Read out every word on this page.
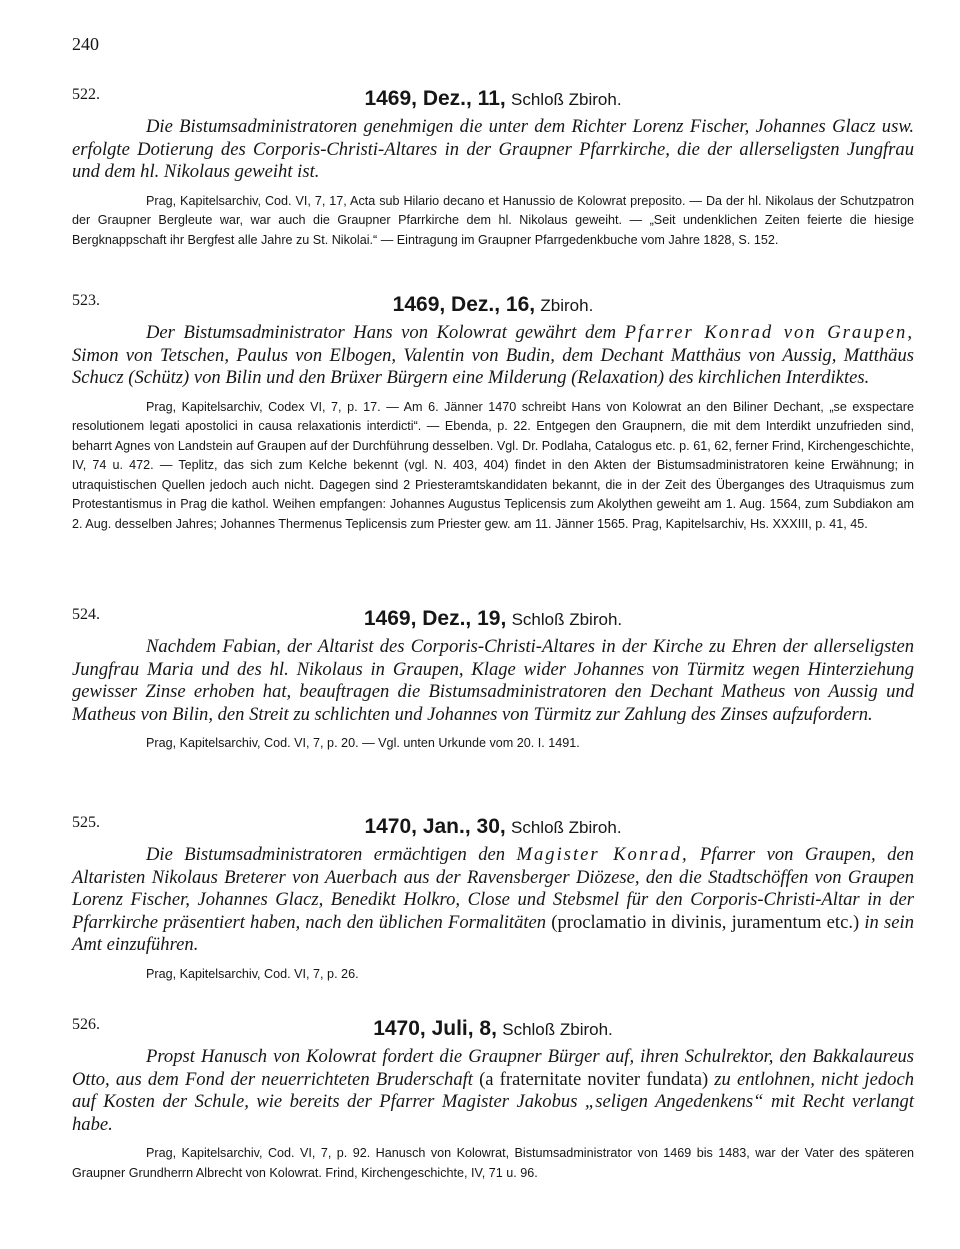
240
522.	1469, Dez., 11, Schloß Zbiroh.

Die Bistumsadministratoren genehmigen die unter dem Richter Lorenz Fischer, Johannes Glacz usw. erfolgte Dotierung des Corporis-Christi-Altares in der Graupner Pfarrkirche, die der allerseligsten Jungfrau und dem hl. Nikolaus geweiht ist.

Prag, Kapitelsarchiv, Cod. VI, 7, 17, Acta sub Hilario decano et Hanussio de Kolowrat preposito. — Da der hl. Nikolaus der Schutzpatron der Graupner Bergleute war, war auch die Graupner Pfarrkirche dem hl. Nikolaus geweiht. — „Seit undenklichen Zeiten feierte die hiesige Bergknappschaft ihr Bergfest alle Jahre zu St. Nikolai.“ — Eintragung im Graupner Pfarrgedenkbuche vom Jahre 1828, S. 152.

523.	1469, Dez., 16, Zbiroh.

Der Bistumsadministrator Hans von Kolowrat gewährt dem Pfarrer Konrad von Graupen, Simon von Tetschen, Paulus von Elbogen, Valentin von Budin, dem Dechant Matthäus von Aussig, Matthäus Schucz (Schütz) von Bilin und den Brüxer Bürgern eine Milderung (Relaxation) des kirchlichen Interdiktes.

Prag, Kapitelsarchiv, Codex VI, 7, p. 17. — Am 6. Jänner 1470 schreibt Hans von Kolowrat an den Biliner Dechant, „se exspectare resolutionem legati apostolici in causa relaxationis interdicti“. — Ebenda, p. 22. Entgegen den Graupnern, die mit dem Interdikt unzufrieden sind, beharrt Agnes von Landstein auf Graupen auf der Durchführung desselben. Vgl. Dr. Podlaha, Catalogus etc. p. 61, 62, ferner Frind, Kirchengeschichte, IV, 74 u. 472. — Teplitz, das sich zum Kelche bekennt (vgl. N. 403, 404) findet in den Akten der Bistumsadministratoren keine Erwähnung; in utraquistischen Quellen jedoch auch nicht. Dagegen sind 2 Priesteramtskandidaten bekannt, die in der Zeit des Überganges des Utraquismus zum Protestantismus in Prag die kathol. Weihen empfangen: Johannes Augustus Teplicensis zum Akolythen geweiht am 1. Aug. 1564, zum Subdiakon am 2. Aug. desselben Jahres; Johannes Thermenus Teplicensis zum Priester gew. am 11. Jänner 1565. Prag, Kapitelsarchiv, Hs. XXXIII, p. 41, 45.

524.	1469, Dez., 19, Schloß Zbiroh.

Nachdem Fabian, der Altarist des Corporis-Christi-Altares in der Kirche zu Ehren der allerseligsten Jungfrau Maria und des hl. Nikolaus in Graupen, Klage wider Johannes von Türmitz wegen Hinterziehung gewisser Zinse erhoben hat, beauftragen die Bistumsadministratoren den Dechant Matheus von Aussig und Matheus von Bilin, den Streit zu schlichten und Johannes von Türmitz zur Zahlung des Zinses aufzufordern.

Prag, Kapitelsarchiv, Cod. VI, 7, p. 20. — Vgl. unten Urkunde vom 20. I. 1491.

525.	1470, Jan., 30, Schloß Zbiroh.

Die Bistumsadministratoren ermächtigen den Magister Konrad, Pfarrer von Graupen, den Altaristen Nikolaus Breterer von Auerbach aus der Ravensberger Diözese, den die Stadtschöffen von Graupen Lorenz Fischer, Johannes Glacz, Benedikt Holkro, Close und Stebsmel für den Corporis-Christi-Altar in der Pfarrkirche präsentiert haben, nach den üblichen Formalitäten (proclamatio in divinis, juramentum etc.) in sein Amt einzuführen.

Prag, Kapitelsarchiv, Cod. VI, 7, p. 26.

526.	1470, Juli, 8, Schloß Zbiroh.

Propst Hanusch von Kolowrat fordert die Graupner Bürger auf, ihren Schulrektor, den Bakkalaureus Otto, aus dem Fond der neuerrichteten Bruderschaft (a fraternitate noviter fundata) zu entlohnen, nicht jedoch auf Kosten der Schule, wie bereits der Pfarrer Magister Jakobus „seligen Angedenkens“ mit Recht verlangt habe.

Prag, Kapitelsarchiv, Cod. VI, 7, p. 92. Hanusch von Kolowrat, Bistumsadministrator von 1469 bis 1483, war der Vater des späteren Graupner Grundherrn Albrecht von Kolowrat. Frind, Kirchengeschichte, IV, 71 u. 96.
